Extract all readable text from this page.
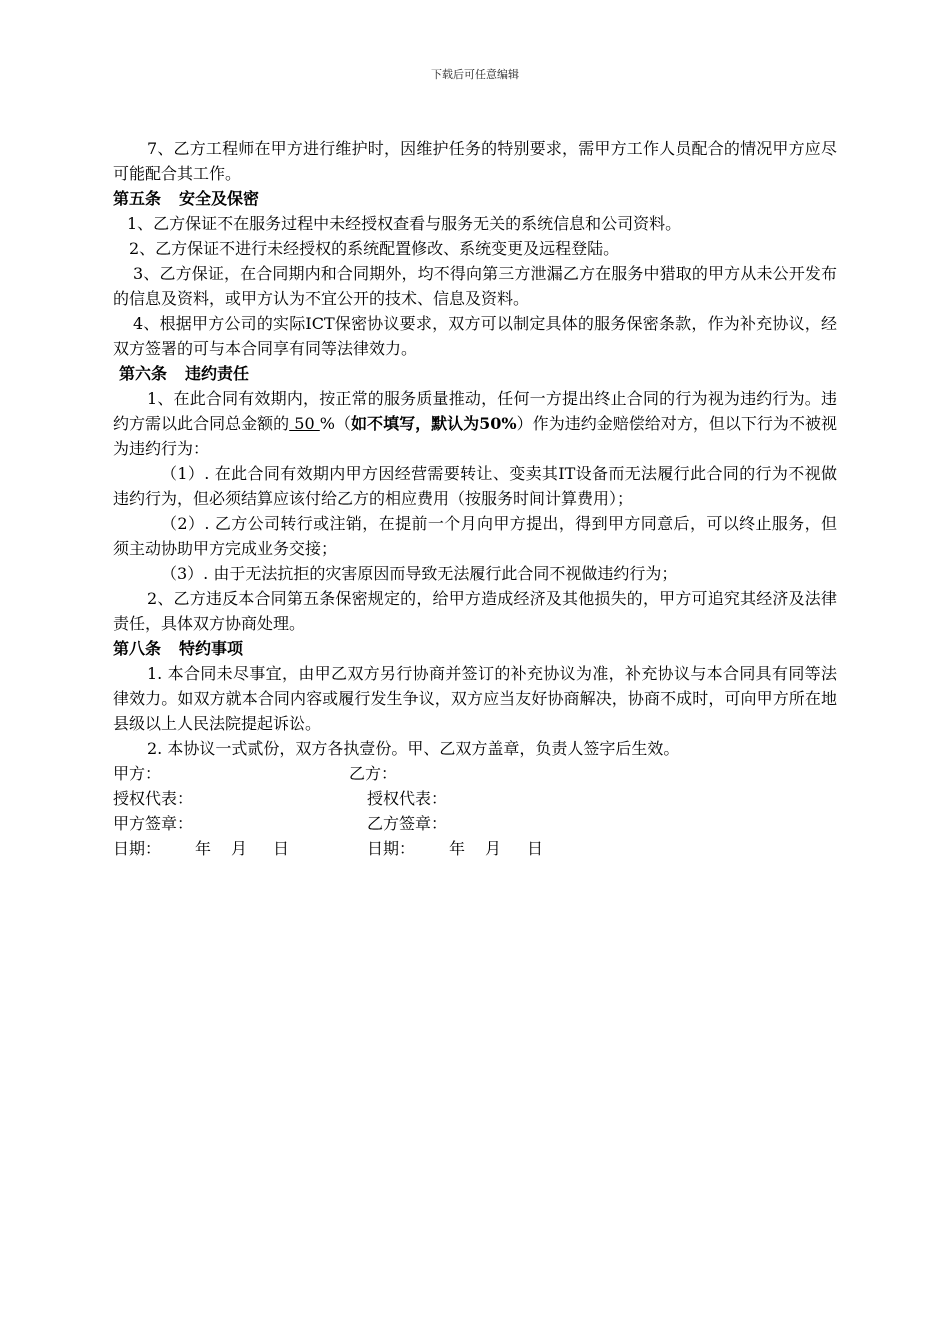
下载后可任意编辑

7、乙方工程师在甲方进行维护时，因维护任务的特别要求，需甲方工作人员配合的情况甲方应尽可能配合其工作。

第五条 安全及保密

1、乙方保证不在服务过程中未经授权查看与服务无关的系统信息和公司资料。

2、乙方保证不进行未经授权的系统配置修改、系统变更及远程登陆。

3、乙方保证，在合同期内和合同期外，均不得向第三方泄漏乙方在服务中猎取的甲方从未公开发布的信息及资料，或甲方认为不宜公开的技术、信息及资料。

4、根据甲方公司的实际ICT保密协议要求，双方可以制定具体的服务保密条款，作为补充协议，经双方签署的可与本合同享有同等法律效力。

第六条 违约责任

1、在此合同有效期内，按正常的服务质量推动，任何一方提出终止合同的行为视为违约行为。违约方需以此合同总金额的 50 %（如不填写，默认为50%）作为违约金赔偿给对方，但以下行为不被视为违约行为：

（1）. 在此合同有效期内甲方因经营需要转让、变卖其IT设备而无法履行此合同的行为不视做违约行为，但必须结算应该付给乙方的相应费用（按服务时间计算费用）；

（2）. 乙方公司转行或注销，在提前一个月向甲方提出，得到甲方同意后，可以终止服务，但须主动协助甲方完成业务交接；

（3）. 由于无法抗拒的灾害原因而导致无法履行此合同不视做违约行为；

2、乙方违反本合同第五条保密规定的，给甲方造成经济及其他损失的，甲方可追究其经济及法律责任，具体双方协商处理。

第八条 特约事项

1. 本合同未尽事宜，由甲乙双方另行协商并签订的补充协议为准，补充协议与本合同具有同等法律效力。如双方就本合同内容或履行发生争议，双方应当友好协商解决，协商不成时，可向甲方所在地县级以上人民法院提起诉讼。

2. 本协议一式贰份，双方各执壹份。甲、乙双方盖章，负责人签字后生效。

甲方：	乙方：
授权代表：	授权代表：
甲方签章：	乙方签章：
日期： 年 月 日	日期： 年 月 日
